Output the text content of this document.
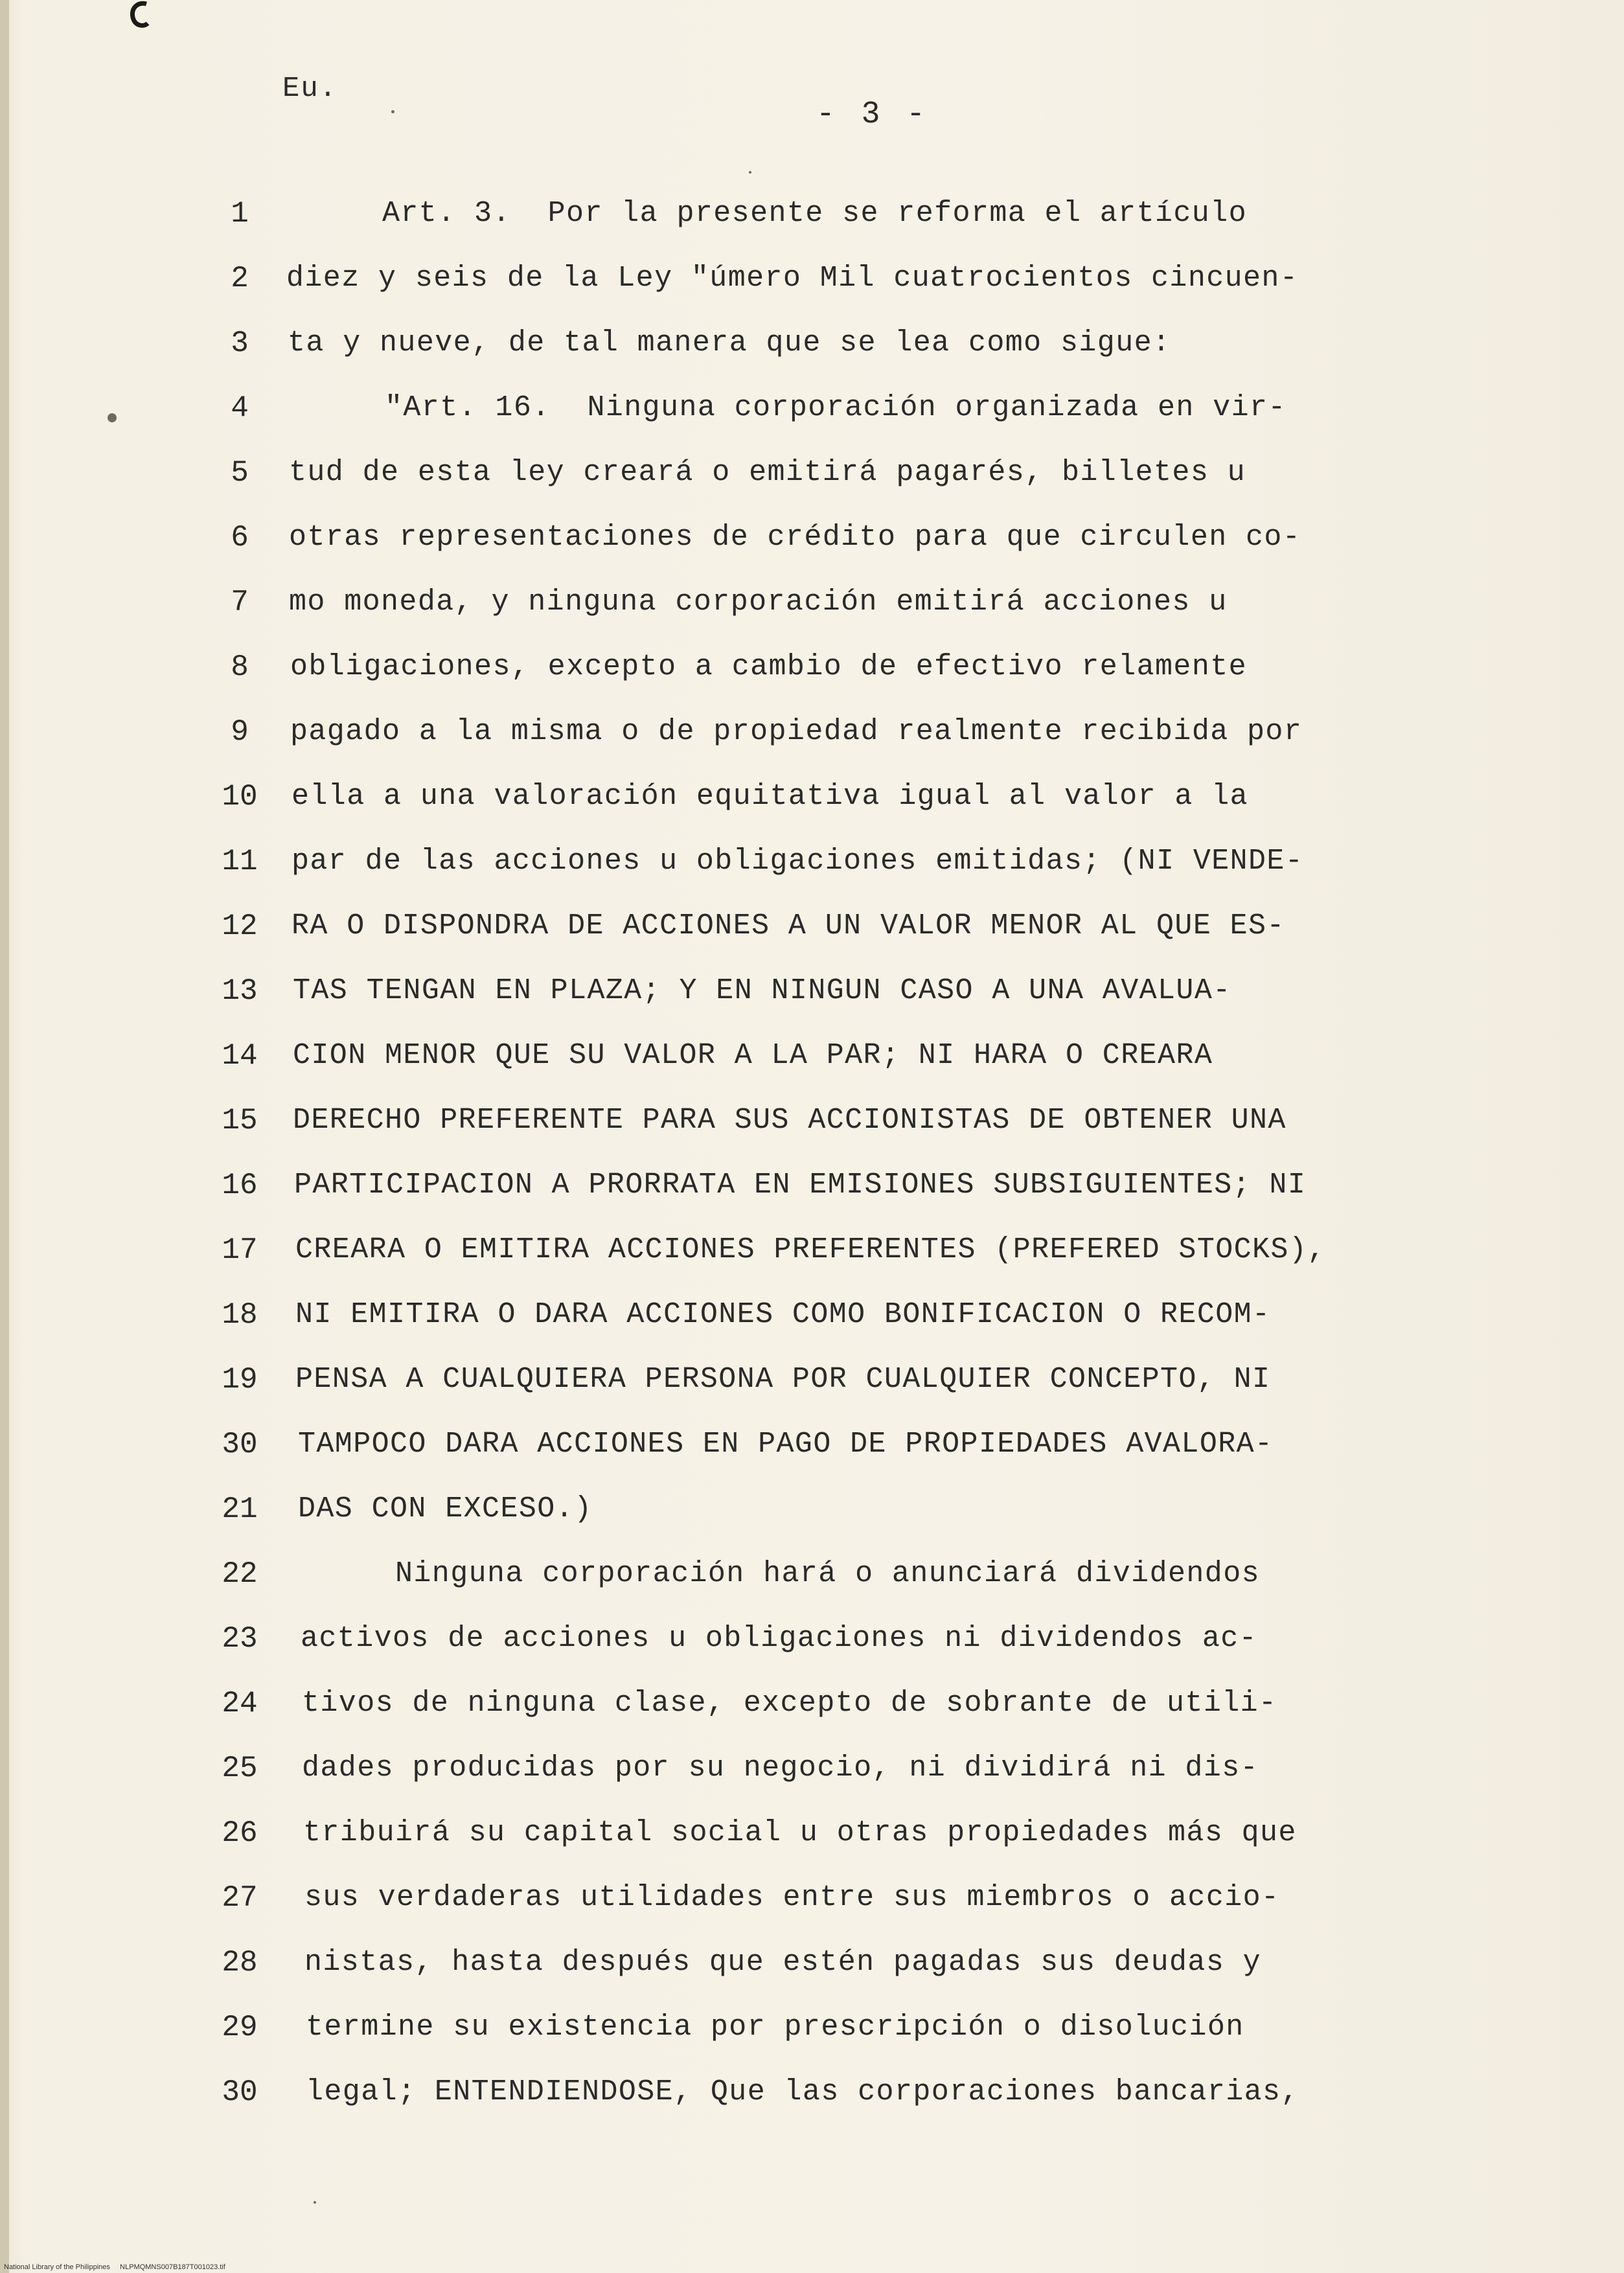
Eu.
- 3 -
1	Art. 3.  Por la presente se reforma el artículo
2	diez y seis de la Ley "úmero Mil cuatrocientos cincuen-
3	ta y nueve, de tal manera que se lea como sigue:
4	"Art. 16.  Ninguna corporación organizada en vir-
5	tud de esta ley creará o emitirá pagarés, billetes u
6	otras representaciones de crédito para que circulen co-
7	mo moneda, y ninguna corporación emitirá acciones u
8	obligaciones, excepto a cambio de efectivo relamente
9	pagado a la misma o de propiedad realmente recibida por
10	ella a una valoración equitativa igual al valor a la
11	par de las acciones u obligaciones emitidas; (NI VENDE-
12	RA O DISPONDRA DE ACCIONES A UN VALOR MENOR AL QUE ES-
13	TAS TENGAN EN PLAZA; Y EN NINGUN CASO A UNA AVALUA-
14	CION MENOR QUE SU VALOR A LA PAR; NI HARA O CREARA
15	DERECHO PREFERENTE PARA SUS ACCIONISTAS DE OBTENER UNA
16	PARTICIPACION A PRORRATA EN EMISIONES SUBSIGUIENTES; NI
17	CREARA O EMITIRA ACCIONES PREFERENTES (PREFERED STOCKS),
18	NI EMITIRA O DARA ACCIONES COMO BONIFICACION O RECOM-
19	PENSA A CUALQUIERA PERSONA POR CUALQUIER CONCEPTO, NI
30	TAMPOCO DARA ACCIONES EN PAGO DE PROPIEDADES AVALORA-
21	DAS CON EXCESO.)
22	Ninguna corporación hará o anunciará dividendos
23	activos de acciones u obligaciones ni dividendos ac-
24	tivos de ninguna clase, excepto de sobrante de utili-
25	dades producidas por su negocio, ni dividirá ni dis-
26	tribuirá su capital social u otras propiedades más que
27	sus verdaderas utilidades entre sus miembros o accio-
28	nistas, hasta después que estén pagadas sus deudas y
29	termine su existencia por prescripción o disolución
30	legal; ENTENDIENDOSE, Que las corporaciones bancarias,
National Library of the Philippines     NLPMQMNS007B187T001023.tif
